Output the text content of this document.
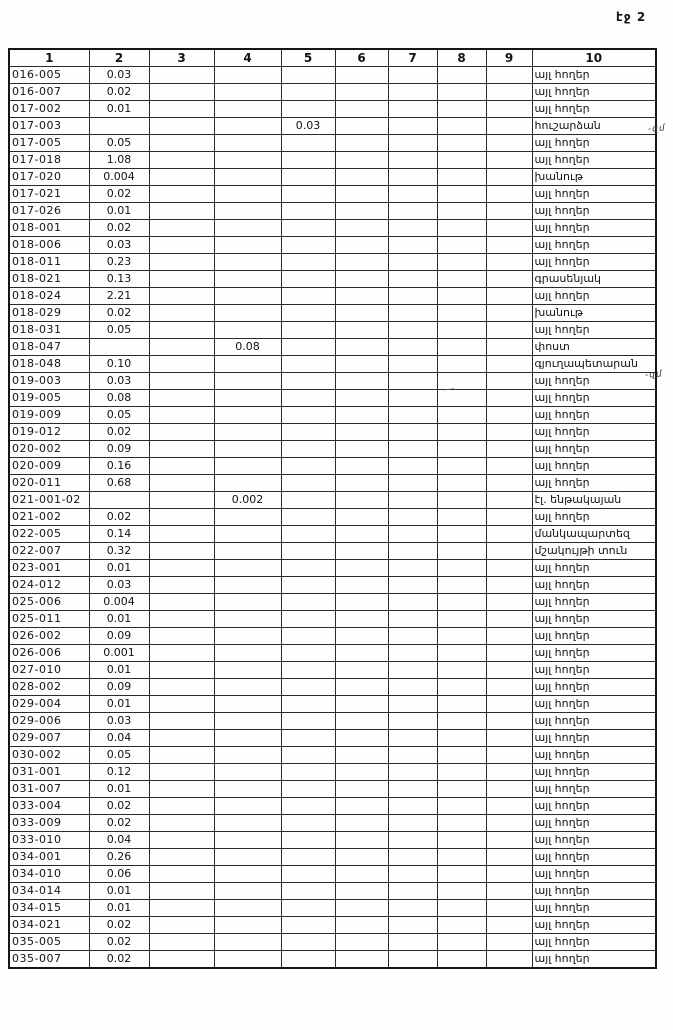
էջ 2
1	2	3	4	5	6	7	8	9	10
016-005	0.03								այլ հողեր
016-007	0.02								այլ հողեր
017-002	0.01								այլ հողեր
017-003				0.03					հուշարձան
017-005	0.05								այլ հողեր
017-018	1.08								այլ հողեր
017-020	0.004								խանութ
017-021	0.02								այլ հողեր
017-026	0.01								այլ հողեր
018-001	0.02								այլ հողեր
018-006	0.03								այլ հողեր
018-011	0.23								այլ հողեր
018-021	0.13								գրասենյակ
018-024	2.21								այլ հողեր
018-029	0.02								խանութ
018-031	0.05								այլ հողեր
018-047			0.08						փոստ
018-048	0.10								գյուղապետարան
019-003	0.03								այլ հողեր
019-005	0.08								այլ հողեր
019-009	0.05								այլ հողեր
019-012	0.02								այլ հողեր
020-002	0.09								այլ հողեր
020-009	0.16								այլ հողեր
020-011	0.68								այլ հողեր
021-001-02			0.002						էլ. ենթակայան
021-002	0.02								այլ հողեր
022-005	0.14								մանկապարտեզ
022-007	0.32								մշակույթի տուն
023-001	0.01								այլ հողեր
024-012	0.03								այլ հողեր
025-006	0.004								այլ հողեր
025-011	0.01								այլ հողեր
026-002	0.09								այլ հողեր
026-006	0.001								այլ հողեր
027-010	0.01								այլ հողեր
028-002	0.09								այլ հողեր
029-004	0.01								այլ հողեր
029-006	0.03								այլ հողեր
029-007	0.04								այլ հողեր
030-002	0.05								այլ հողեր
031-001	0.12								այլ հողեր
031-007	0.01								այլ հողեր
033-004	0.02								այլ հողեր
033-009	0.02								այլ հողեր
033-010	0.04								այլ հողեր
034-001	0.26								այլ հողեր
034-010	0.06								այլ հողեր
034-014	0.01								այլ հողեր
034-015	0.01								այլ հողեր
034-021	0.02								այլ հողեր
035-005	0.02								այլ հողեր
035-007	0.02								այլ հողեր
-զմ
-զմ
~·
